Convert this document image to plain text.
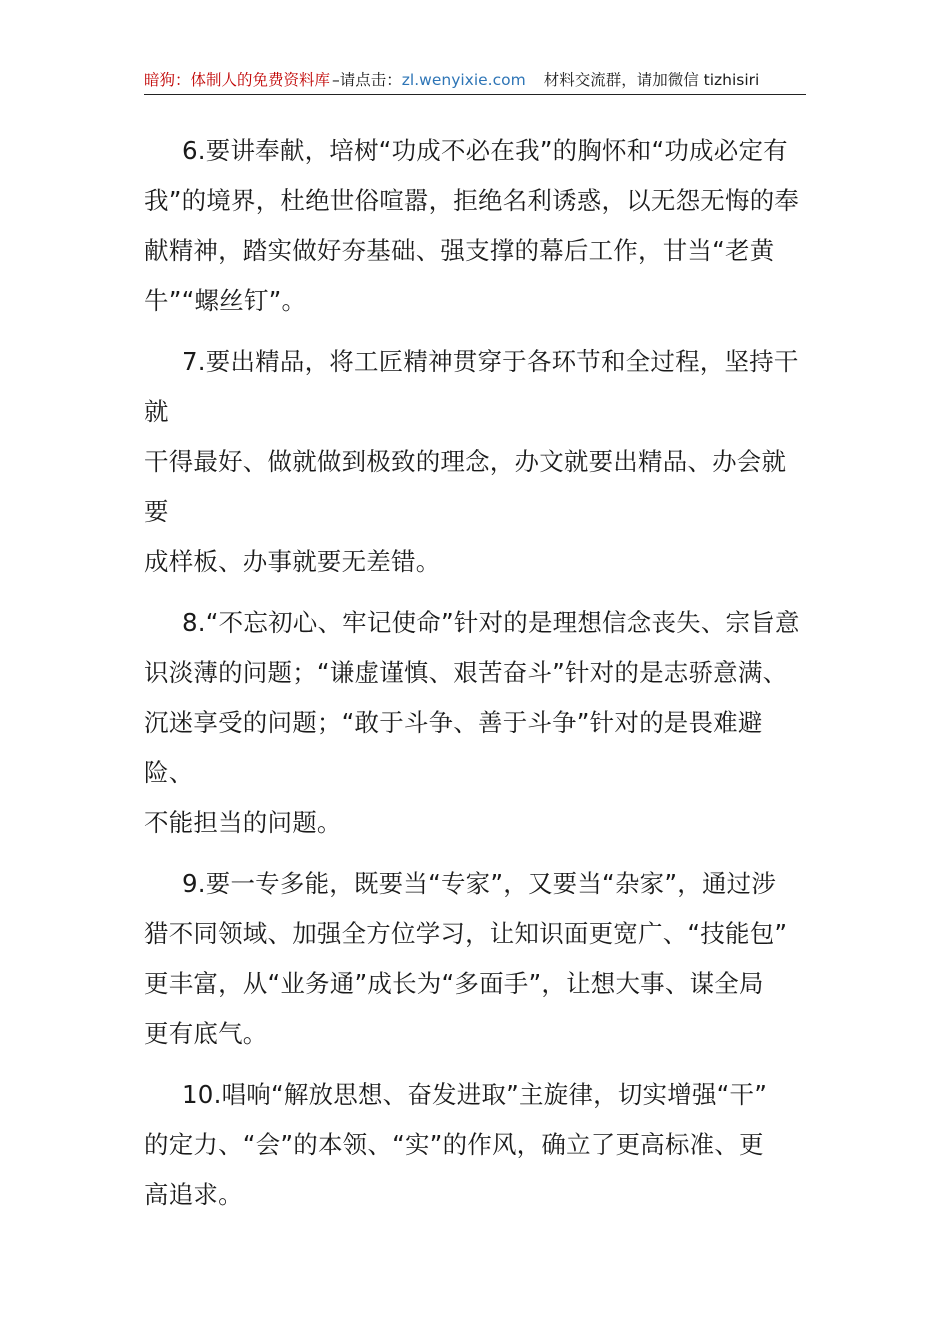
暗狗：体制人的免费资料库 –请点击：zl.wenyixie.com 材料交流群，请加微信 tizhisiri

6.要讲奉献，培树“功成不必在我”的胸怀和“功成必定有
我”的境界，杜绝世俗喧嚣，拒绝名利诱惑，以无怨无悔的奉
献精神，踏实做好夯基础、强支撑的幕后工作，甘当“老黄
牛”“螺丝钉”。

7.要出精品，将工匠精神贯穿于各环节和全过程，坚持干就
干得最好、做就做到极致的理念，办文就要出精品、办会就要
成样板、办事就要无差错。

8.“不忘初心、牢记使命”针对的是理想信念丧失、宗旨意
识淡薄的问题；“谦虚谨慎、艰苦奋斗”针对的是志骄意满、
沉迷享受的问题；“敢于斗争、善于斗争”针对的是畏难避险、
不能担当的问题。

9.要一专多能，既要当“专家”，又要当“杂家”，通过涉
猎不同领域、加强全方位学习，让知识面更宽广、“技能包”
更丰富，从“业务通”成长为“多面手”，让想大事、谋全局
更有底气。

10.唱响“解放思想、奋发进取”主旋律，切实增强“干”
的定力、“会”的本领、“实”的作风，确立了更高标准、更
高追求。
